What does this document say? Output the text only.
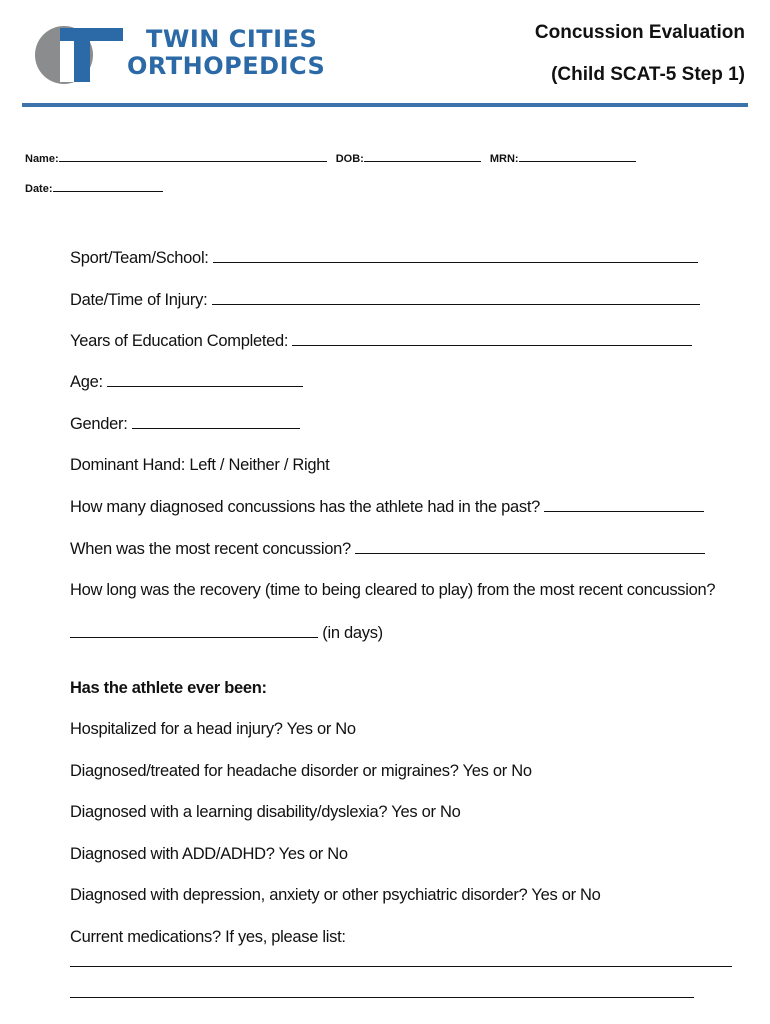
TWIN CITIES
ORTHOPEDICS
Concussion Evaluation
(Child SCAT-5 Step 1)
Name:	DOB:	MRN:
Date:
Sport/Team/School:
Date/Time of Injury:
Years of Education Completed:
Age:
Gender:
Dominant Hand: Left / Neither / Right
How many diagnosed concussions has the athlete had in the past?
When was the most recent concussion?
How long was the recovery (time to being cleared to play) from the most recent concussion?
(in days)
Has the athlete ever been:
Hospitalized for a head injury? Yes or No
Diagnosed/treated for headache disorder or migraines? Yes or No
Diagnosed with a learning disability/dyslexia? Yes or No
Diagnosed with ADD/ADHD? Yes or No
Diagnosed with depression, anxiety or other psychiatric disorder? Yes or No
Current medications? If yes, please list:
